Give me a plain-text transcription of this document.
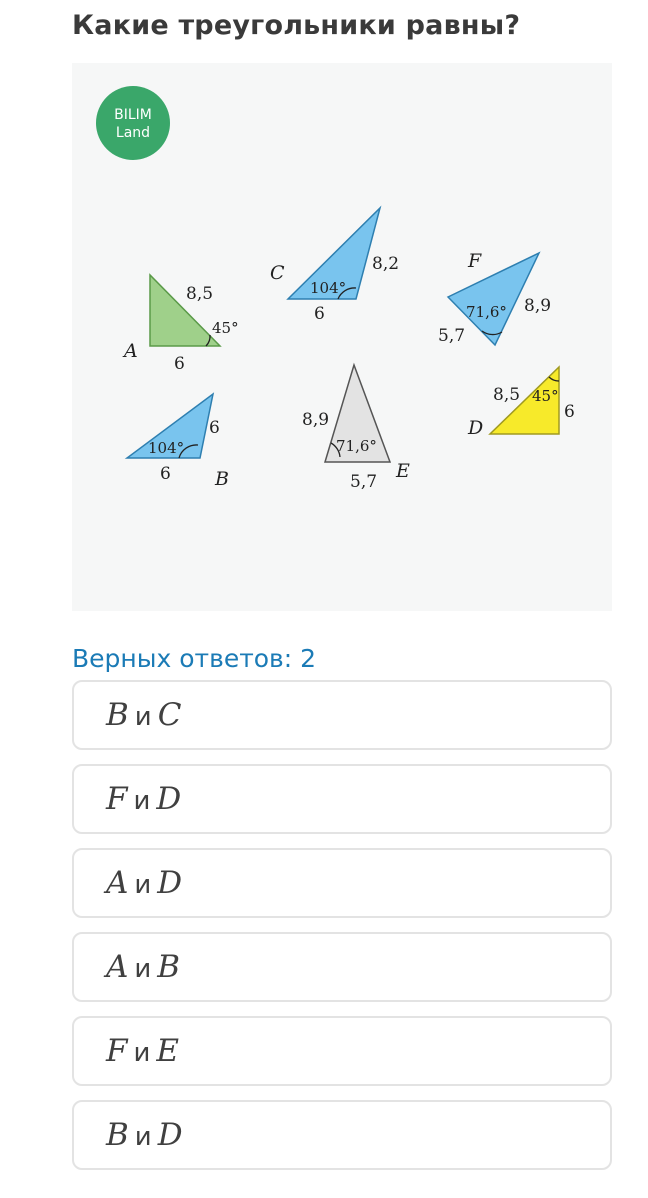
Какие треугольники равны?
BILIM
Land
8,5
45°
6
A
104°
6
6 B
104°
8,2
6
C
45°
8,5
6
D
71,6°
8,9
5,7 E
71,6° 8,9
5,7
F
Верных ответов: 2
B и C
F и D
A и D
A и B
F и E
B и D
